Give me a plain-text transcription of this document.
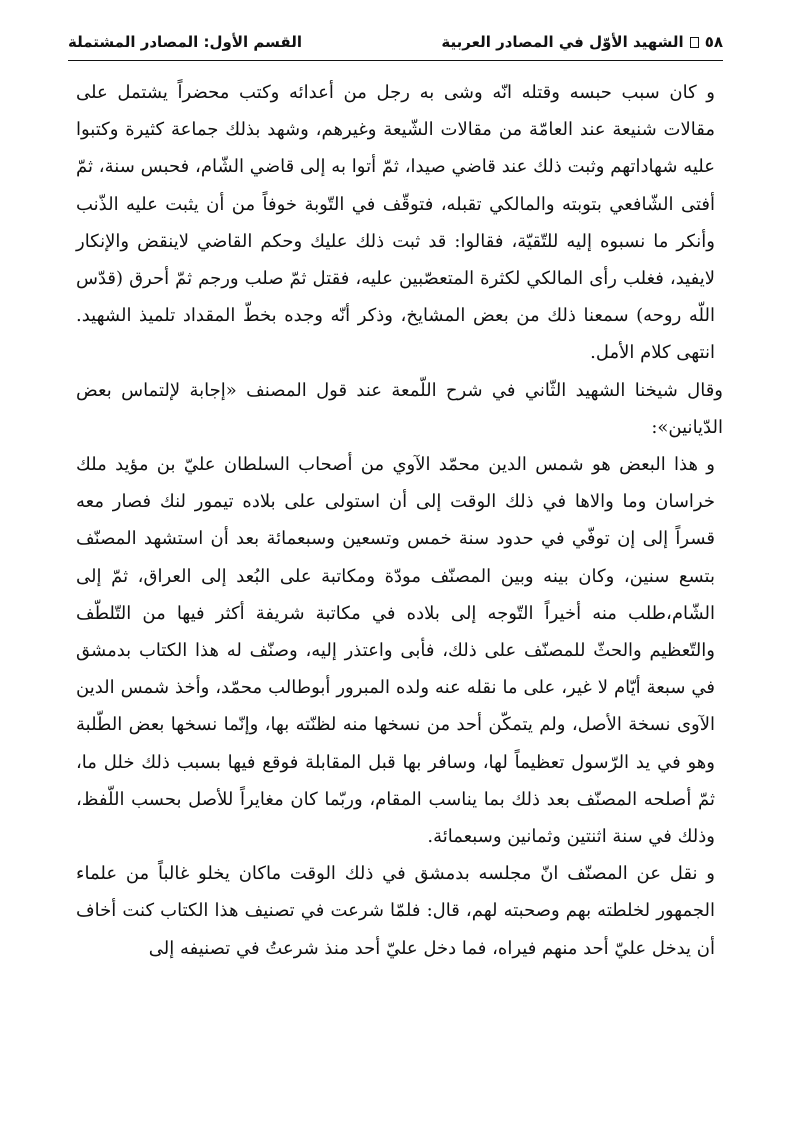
٥٨
الشهيد الأوّل في المصادر العربية
القسم الأول: المصادر المشتملة

و كان سبب حبسه وقتله انّه وشى به رجل من أعدائه وكتب محضراً يشتمل على مقالات شنيعة عند العامّة من مقالات الشّيعة وغيرهم، وشهد بذلك جماعة كثيرة وكتبوا عليه شهاداتهم وثبت ذلك عند قاضي صيدا، ثمّ أتوا به إلى قاضي الشّام، فحبس سنة، ثمّ أفتى الشّافعي بتوبته والمالكي تقبله، فتوقّف في التّوبة خوفاً من أن يثبت عليه الذّنب وأنكر ما نسبوه إليه للتّقيّة، فقالوا: قد ثبت ذلك عليك وحكم القاضي لاينقض والإنكار لايفيد، فغلب رأى المالكي لكثرة المتعصّبين عليه، فقتل ثمّ صلب ورجم ثمّ أحرق (قدّس اللّه روحه) سمعنا ذلك من بعض المشايخ، وذكر أنّه وجده بخطّ المقداد تلميذ الشهيد. انتهى كلام الأمل.

وقال شيخنا الشهيد الثّاني في شرح اللّمعة عند قول المصنف «إجابة لإلتماس بعض الدّيانين»:

و هذا البعض هو شمس الدين محمّد الآوي من أصحاب السلطان عليّ بن مؤيد ملك خراسان وما والاها في ذلك الوقت إلى أن استولى على بلاده تيمور لنك فصار معه قسراً إلى إن توفّي في حدود سنة خمس وتسعين وسبعمائة بعد أن استشهد المصنّف بتسع سنين، وكان بينه وبين المصنّف مودّة ومكاتبة على البُعد إلى العراق، ثمّ إلى الشّام،طلب منه أخيراً التّوجه إلى بلاده في مكاتبة شريفة أكثر فيها من التّلطّف والتّعظيم والحثّ للمصنّف على ذلك، فأبى واعتذر إليه، وصنّف له هذا الكتاب بدمشق في سبعة أيّام لا غير، على ما نقله عنه ولده المبرور أبوطالب محمّد، وأخذ شمس الدين الآوى نسخة الأصل، ولم يتمكّن أحد من نسخها منه لظنّته بها، وإنّما نسخها بعض الطّلبة وهو في يد الرّسول تعظيماً لها، وسافر بها قبل المقابلة فوقع فيها بسبب ذلك خلل ما، ثمّ أصلحه المصنّف بعد ذلك بما يناسب المقام، وربّما كان مغايراً للأصل بحسب اللّفظ، وذلك في سنة اثنتين وثمانين وسبعمائة.

و نقل عن المصنّف انّ مجلسه بدمشق في ذلك الوقت ماكان يخلو غالباً من علماء الجمهور لخلطته بهم وصحبته لهم، قال: فلمّا شرعت في تصنيف هذا الكتاب كنت أخاف أن يدخل عليّ أحد منهم فيراه، فما دخل عليّ أحد منذ شرعتُ في تصنيفه إلى
